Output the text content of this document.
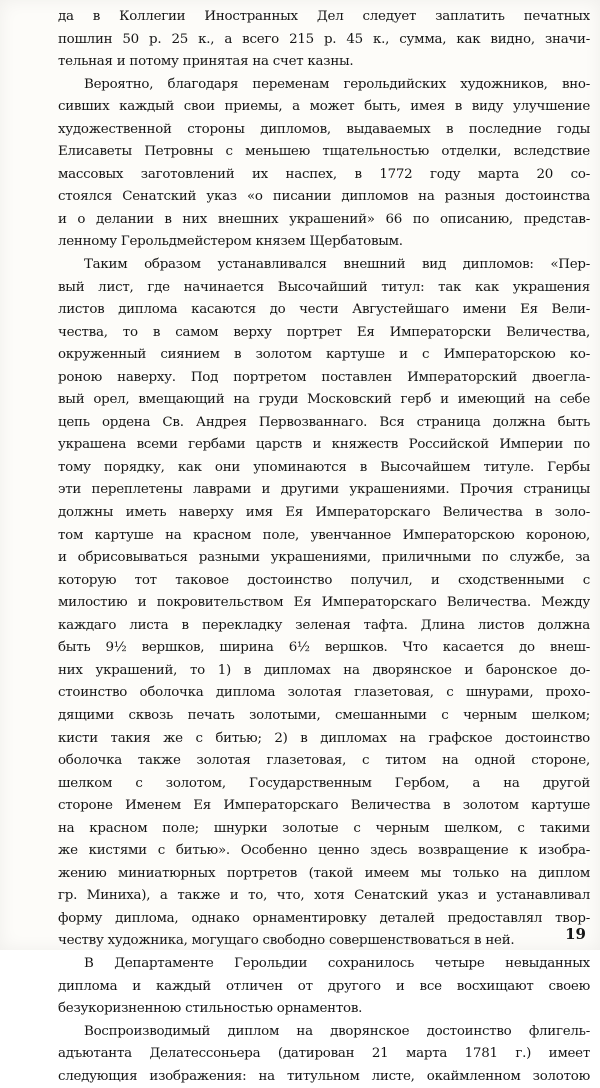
да в Коллегии Иностранных Дел следует заплатить печатных
пошлин 50 р. 25 к., а всего 215 р. 45 к., сумма, как видно, значи-
тельная и потому принятая на счет казны.
Вероятно, благодаря переменам герольдийских художников, вно-
сивших каждый свои приемы, а может быть, имея в виду улучшение
художественной стороны дипломов, выдаваемых в последние годы
Елисаветы Петровны с меньшею тщательностью отделки, вследствие
массовых заготовлений их наспех, в 1772 году марта 20 со-
стоялся Сенатский указ «о писании дипломов на разныя достоинства
и о делании в них внешних украшений» 66 по описанию, представ-
ленному Герольдмейстером князем Щербатовым.
Таким образом устанавливался внешний вид дипломов: «Пер-
вый лист, где начинается Высочайший титул: так как украшения
листов диплома касаются до чести Августейшаго имени Ея Вели-
чества, то в самом верху портрет Ея Императорски Величества,
окруженный сиянием в золотом картуше и с Императорскою ко-
роною наверху. Под портретом поставлен Императорский двоегла-
вый орел, вмещающий на груди Московский герб и имеющий на себе
цепь ордена Св. Андрея Первозваннаго. Вся страница должна быть
украшена всеми гербами царств и княжеств Российской Империи по
тому порядку, как они упоминаются в Высочайшем титуле. Гербы
эти переплетены лаврами и другими украшениями. Прочия страницы
должны иметь наверху имя Ея Императорскаго Величества в золо-
том картуше на красном поле, увенчанное Императорскою короною,
и обрисовываться разными украшениями, приличными по службе, за
которую тот таковое достоинство получил, и сходственными с
милостию и покровительством Ея Императорскаго Величества. Между
каждаго листа в перекладку зеленая тафта. Длина листов должна
быть 9½ вершков, ширина 6½ вершков. Что касается до внеш-
них украшений, то 1) в дипломах на дворянское и баронское до-
стоинство оболочка диплома золотая глазетовая, с шнурами, прохо-
дящими сквозь печать золотыми, смешанными с черным шелком;
кисти такия же с битью; 2) в дипломах на графское достоинство
оболочка также золотая глазетовая, с титом на одной стороне,
шелком с золотом, Государственным Гербом, а на другой
стороне Именем Ея Императорскаго Величества в золотом картуше
на красном поле; шнурки золотые с черным шелком, с такими
же кистями с битью». Особенно ценно здесь возвращение к изобра-
жению миниатюрных портретов (такой имеем мы только на диплом
гр. Миниха), а также и то, что, хотя Сенатский указ и устанавливал
форму диплома, однако орнаментировку деталей предоставлял твор-
честву художника, могущаго свободно совершенствоваться в ней.
В Департаменте Герольдии сохранилось четыре невыданных
диплома и каждый отличен от другого и все восхищают своею
безукоризненною стильностью орнаментов.
Воспроизводимый диплом на дворянское достоинство флигель-
адъютанта Делатессоньера (датирован 21 марта 1781 г.) имеет
следующия изображения: на титульном листе, окаймленном золотою
19
